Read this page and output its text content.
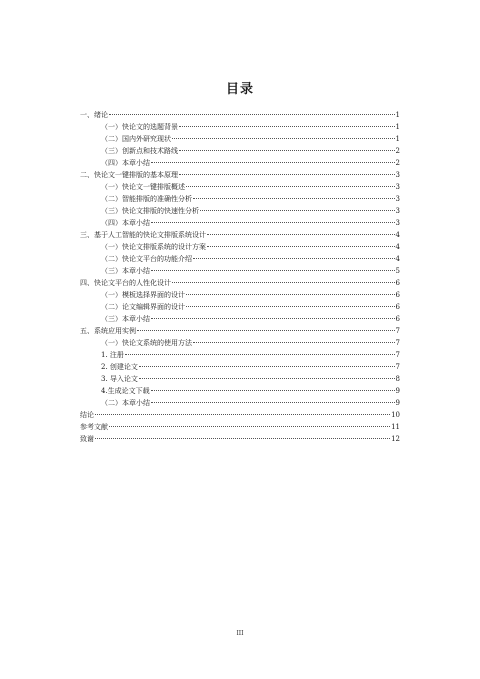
目录
一、绪论	1
（一）快论文的选题背景	1
（二）国内外研究现状	1
（三）创新点和技术路线	2
（四）本章小结	2
二、快论文一键排版的基本原理	3
（一）快论文一键排版概述	3
（二）智能排版的准确性分析	3
（三）快论文排版的快速性分析	3
（四）本章小结	3
三、基于人工智能的快论文排版系统设计	4
（一）快论文排版系统的设计方案	4
（二）快论文平台的功能介绍	4
（三）本章小结	5
四、快论文平台的人性化设计	6
（一）模板选择界面的设计	6
（二）论文编辑界面的设计	6
（三）本章小结	6
五、系统应用实例	7
（一）快论文系统的使用方法	7
1. 注册	7
2. 创建论文	7
3. 导入论文	8
4.生成论文下载	9
（二）本章小结	9
结论	10
参考文献	11
致谢	12
III
